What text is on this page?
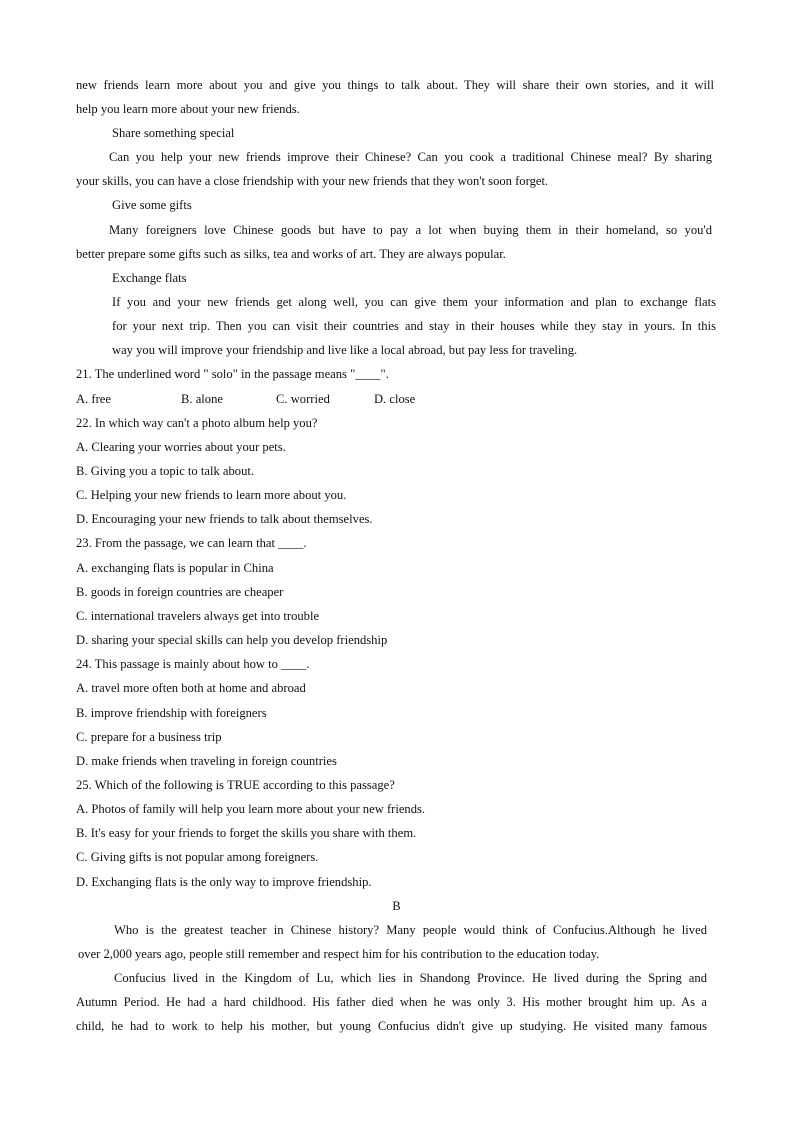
new friends learn more about you and give you things to talk about. They will share their own stories, and it will
help you learn more about your new friends.
Share something special
Can you help your new friends improve their Chinese? Can you cook a traditional Chinese meal? By sharing
your skills, you can have a close friendship with your new friends that they won't soon forget.
Give some gifts
Many foreigners love Chinese goods but have to pay a lot when buying them in their homeland, so you'd
better prepare some gifts such as silks, tea and works of art. They are always popular.
Exchange flats
If you and your new friends get along well, you can give them your information and plan to exchange flats
for your next trip. Then you can visit their countries and stay in their houses while they stay in yours. In this
way you will improve your friendship and live like a local abroad, but pay less for traveling.
21. The underlined word " solo" in the passage means "____".
A. free	B. alone	C. worried	D. close
22. In which way can't a photo album help you?
A. Clearing your worries about your pets.
B. Giving you a topic to talk about.
C. Helping your new friends to learn more about you.
D. Encouraging your new friends to talk about themselves.
23. From the passage, we can learn that ____.
A. exchanging flats is popular in China
B. goods in foreign countries are cheaper
C. international travelers always get into trouble
D. sharing your special skills can help you develop friendship
24. This passage is mainly about how to ____.
A. travel more often both at home and abroad
B. improve friendship with foreigners
C. prepare for a business trip
D. make friends when traveling in foreign countries
25. Which of the following is TRUE according to this passage?
A. Photos of family will help you learn more about your new friends.
B. It's easy for your friends to forget the skills you share with them.
C. Giving gifts is not popular among foreigners.
D. Exchanging flats is the only way to improve friendship.
B
Who is the greatest teacher in Chinese history? Many people would think of Confucius.Although he lived
over 2,000 years ago, people still remember and respect him for his contribution to the education today.
Confucius lived in the Kingdom of Lu, which lies in Shandong Province. He lived during the Spring and
Autumn Period. He had a hard childhood. His father died when he was only 3. His mother brought him up. As a
child, he had to work to help his mother, but young Confucius didn't give up studying. He visited many famous
